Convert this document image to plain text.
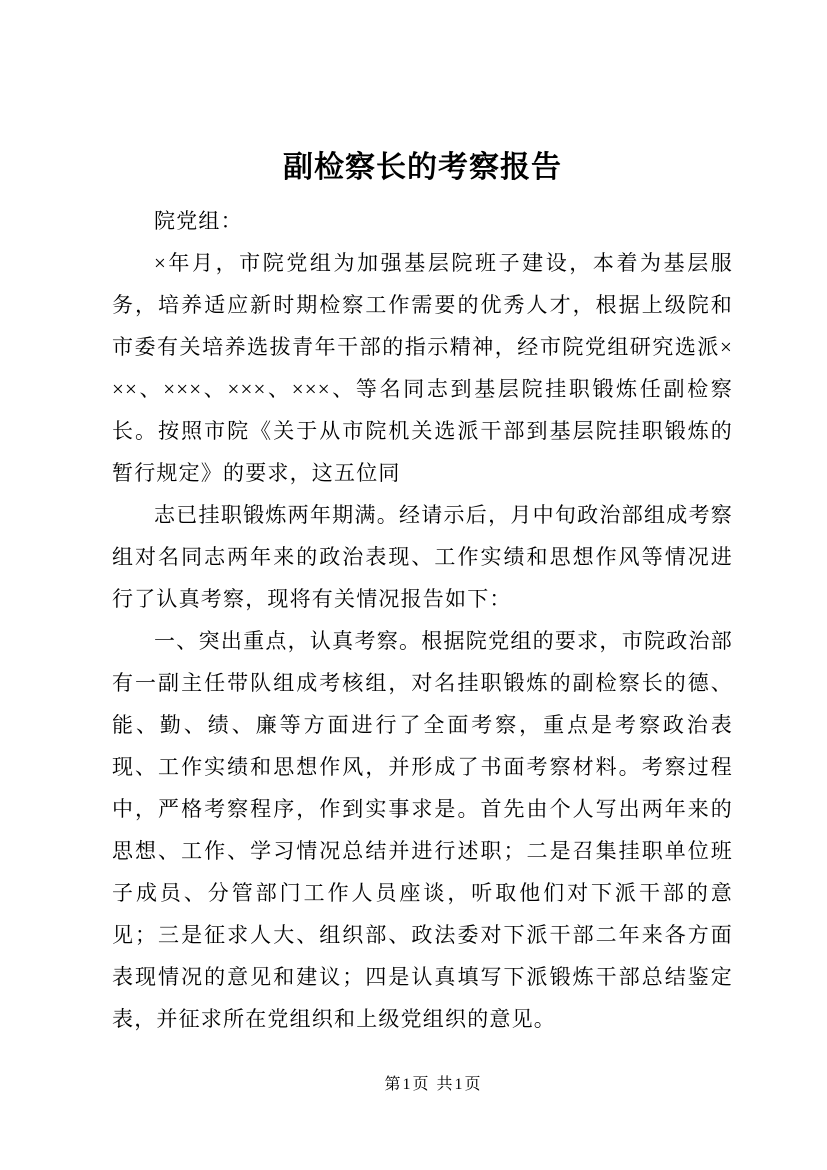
副检察长的考察报告

院党组：

×年月，市院党组为加强基层院班子建设，本着为基层服务，培养适应新时期检察工作需要的优秀人才，根据上级院和市委有关培养选拔青年干部的指示精神，经市院党组研究选派×××、×××、×××、×××、等名同志到基层院挂职锻炼任副检察长。按照市院《关于从市院机关选派干部到基层院挂职锻炼的暂行规定》的要求，这五位同

志已挂职锻炼两年期满。经请示后，月中旬政治部组成考察组对名同志两年来的政治表现、工作实绩和思想作风等情况进行了认真考察，现将有关情况报告如下：

一、突出重点，认真考察。根据院党组的要求，市院政治部有一副主任带队组成考核组，对名挂职锻炼的副检察长的德、能、勤、绩、廉等方面进行了全面考察，重点是考察政治表现、工作实绩和思想作风，并形成了书面考察材料。考察过程中，严格考察程序，作到实事求是。首先由个人写出两年来的思想、工作、学习情况总结并进行述职；二是召集挂职单位班子成员、分管部门工作人员座谈，听取他们对下派干部的意见；三是征求人大、组织部、政法委对下派干部二年来各方面表现情况的意见和建议；四是认真填写下派锻炼干部总结鉴定表，并征求所在党组织和上级党组织的意见。

第1页 共1页
